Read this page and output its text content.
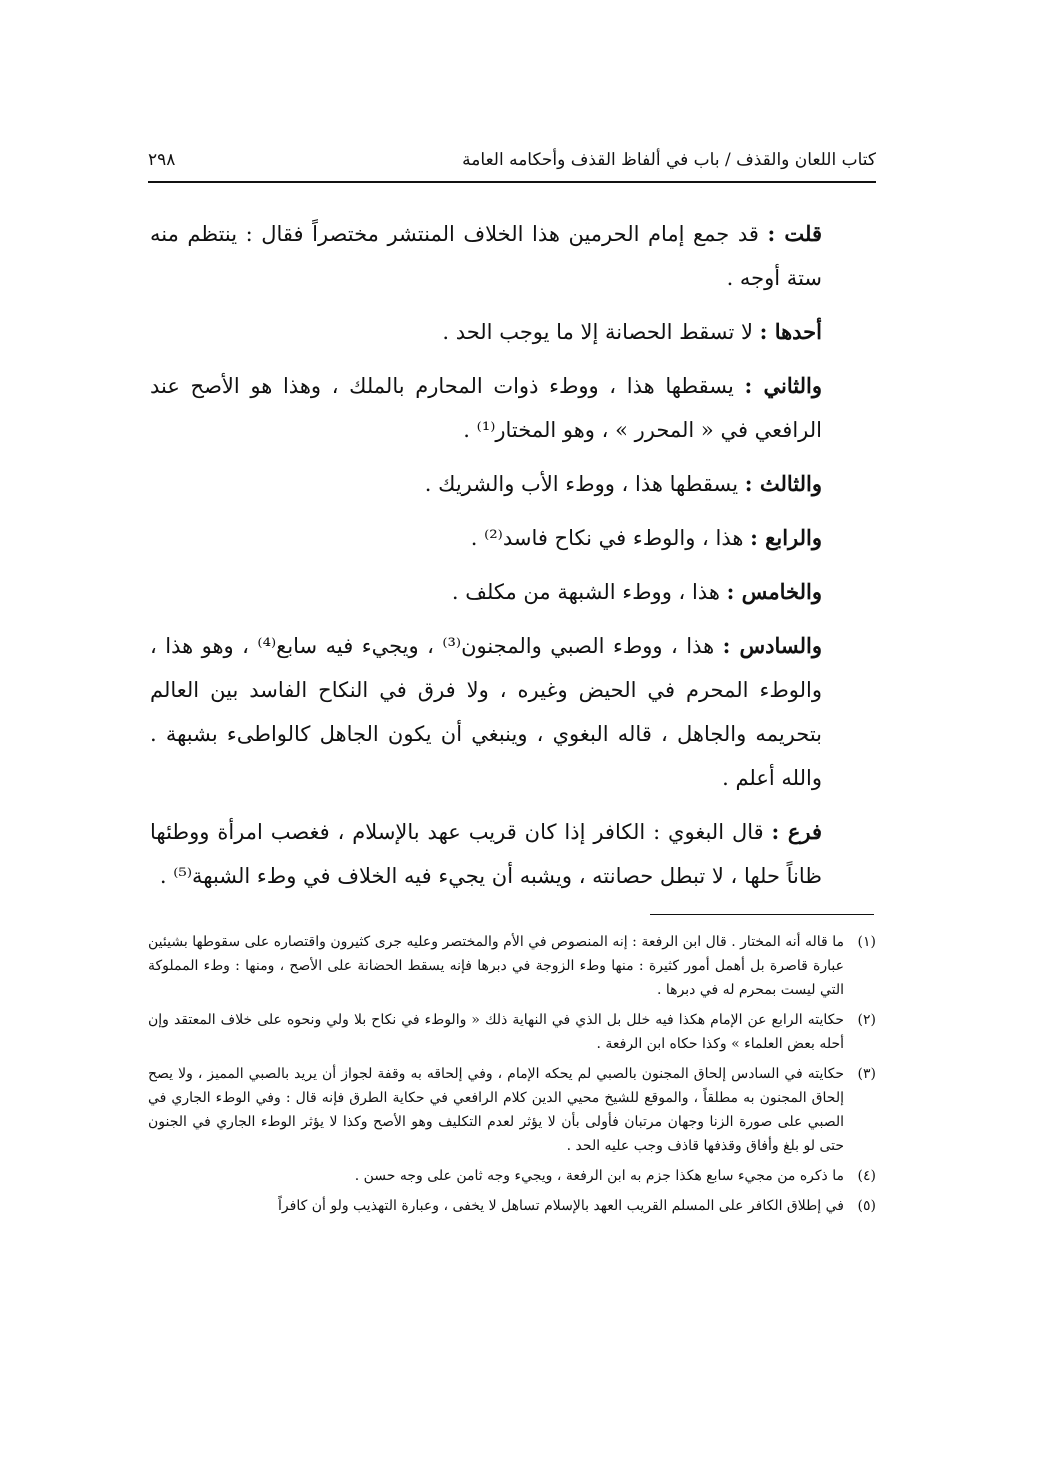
كتاب اللعان والقذف / باب في ألفاظ القذف وأحكامه العامة
٢٩٨

قلت : قد جمع إمام الحرمين هذا الخلاف المنتشر مختصراً فقال : ينتظم منه ستة أوجه .

أحدها : لا تسقط الحصانة إلا ما يوجب الحد .

والثاني : يسقطها هذا ، ووطء ذوات المحارم بالملك ، وهذا هو الأصح عند الرافعي في « المحرر » ، وهو المختار⁽¹⁾ .

والثالث : يسقطها هذا ، ووطء الأب والشريك .

والرابع : هذا ، والوطء في نكاح فاسد⁽²⁾ .

والخامس : هذا ، ووطء الشبهة من مكلف .

والسادس : هذا ، ووطء الصبي والمجنون⁽³⁾ ، ويجيء فيه سابع⁽⁴⁾ ، وهو هذا ، والوطء المحرم في الحيض وغيره ، ولا فرق في النكاح الفاسد بين العالم بتحريمه والجاهل ، قاله البغوي ، وينبغي أن يكون الجاهل كالواطىء بشبهة . والله أعلم .

فرع : قال البغوي : الكافر إذا كان قريب عهد بالإسلام ، فغصب امرأة ووطئها ظاناً حلها ، لا تبطل حصانته ، ويشبه أن يجيء فيه الخلاف في وطء الشبهة⁽⁵⁾ .

(١)
ما قاله أنه المختار . قال ابن الرفعة : إنه المنصوص في الأم والمختصر وعليه جرى كثيرون واقتصاره على سقوطها بشيئين عبارة قاصرة بل أهمل أمور كثيرة : منها وطء الزوجة في دبرها فإنه يسقط الحضانة على الأصح ، ومنها : وطء المملوكة التي ليست بمحرم له في دبرها .
(٢)
حكايته الرابع عن الإمام هكذا فيه خلل بل الذي في النهاية ذلك « والوطء في نكاح بلا ولي ونحوه على خلاف المعتقد وإن أحله بعض العلماء » وكذا حكاه ابن الرفعة .
(٣)
حكايته في السادس إلحاق المجنون بالصبي لم يحكه الإمام ، وفي إلحاقه به وقفة لجواز أن يريد بالصبي المميز ، ولا يصح إلحاق المجنون به مطلقاً ، والموقع للشيخ محيي الدين كلام الرافعي في حكاية الطرق فإنه قال : وفي الوطء الجاري في الصبي على صورة الزنا وجهان مرتبان فأولى بأن لا يؤثر لعدم التكليف وهو الأصح وكذا لا يؤثر الوطء الجاري في الجنون حتى لو بلغ وأفاق وقذفها قاذف وجب عليه الحد .
(٤)
ما ذكره من مجيء سابع هكذا جزم به ابن الرفعة ، ويجيء وجه ثامن على وجه حسن .
(٥)
في إطلاق الكافر على المسلم القريب العهد بالإسلام تساهل لا يخفى ، وعبارة التهذيب ولو أن كافراً
